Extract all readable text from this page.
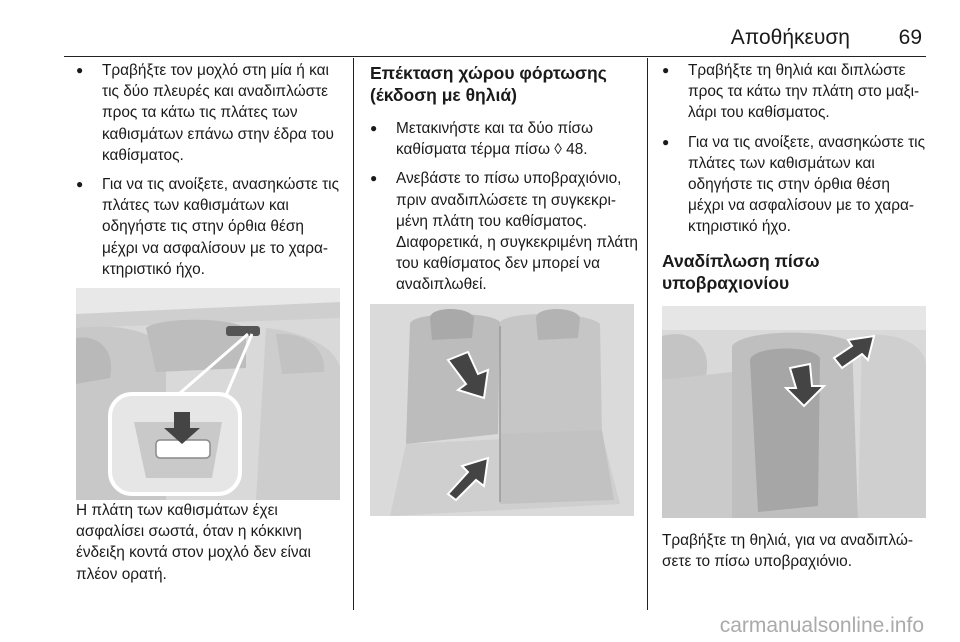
Αποθήκευση 69
● Τραβήξτε τον μοχλό στη μία ή και τις δύο πλευρές και αναδιπλώστε προς τα κάτω τις πλάτες των καθισμάτων επάνω στην έδρα του καθίσματος.
● Για να τις ανοίξετε, ανασηκώστε τις πλάτες των καθισμάτων και οδηγήστε τις στην όρθια θέση μέχρι να ασφαλίσουν με το χαρα- κτηριστικό ήχο.

Η πλάτη των καθισμάτων έχει ασφαλίσει σωστά, όταν η κόκκινη ένδειξη κοντά στον μοχλό δεν είναι πλέον ορατή.

Επέκταση χώρου φόρτωσης (έκδοση με θηλιά)
● Μετακινήστε και τα δύο πίσω καθίσματα τέρμα πίσω ◊ 48.
● Ανεβάστε το πίσω υποβραχιόνιο, πριν αναδιπλώσετε τη συγκεκρι- μένη πλάτη του καθίσματος. Διαφορετικά, η συγκεκριμένη πλάτη του καθίσματος δεν μπορεί να αναδιπλωθεί.
● Τραβήξτε τη θηλιά και διπλώστε προς τα κάτω την πλάτη στο μαξι- λάρι του καθίσματος.
● Για να τις ανοίξετε, ανασηκώστε τις πλάτες των καθισμάτων και οδηγήστε τις στην όρθια θέση μέχρι να ασφαλίσουν με το χαρα- κτηριστικό ήχο.
Αναδίπλωση πίσω υποβραχιονίου

Τραβήξτε τη θηλιά, για να αναδιπλώ- σετε το πίσω υποβραχιόνιο.

carmanualsonline.info
